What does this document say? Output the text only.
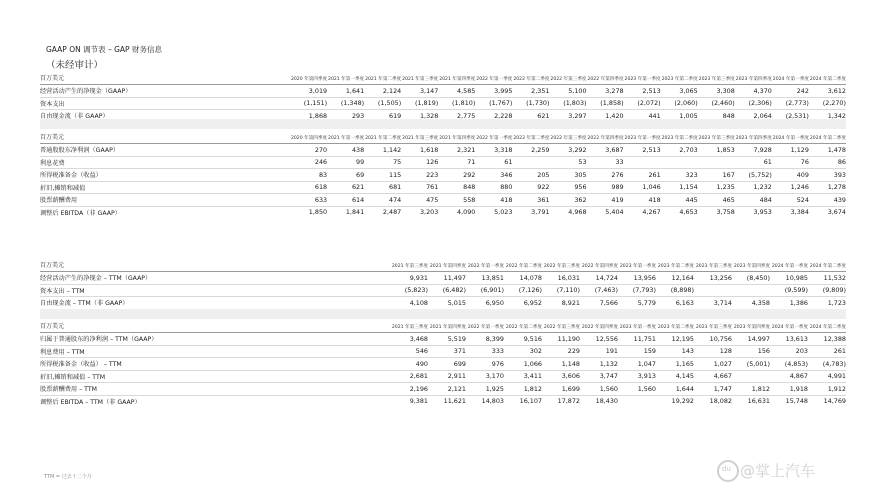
GAAP ON 调节表 – GAP 财务信息
（未经审计）
百万美元	2020 年第四季度	2021 年第一季度	2021 年第二季度	2021 年第三季度	2021 年第四季度	2022 年第一季度	2022 年第二季度	2022 年第三季度	2022 年第四季度	2023 年第一季度	2023 年第二季度	2023 年第三季度	2023 年第四季度	2024 年第一季度	2024 年第二季度
经营活动产生的净现金（GAAP）	3,019	1,641	2,124	3,147	4,585	3,995	2,351	5,100	3,278	2,513	3,065	3,308	4,370	242	3,612
资本支出	(1,151)	(1,348)	(1,505)	(1,819)	(1,810)	(1,767)	(1,730)	(1,803)	(1,858)	(2,072)	(2,060)	(2,460)	(2,306)	(2,773)	(2,270)
自由现金流（非 GAAP）	1,868	293	619	1,328	2,775	2,228	621	3,297	1,420	441	1,005	848	2,064	(2,531)	1,342
百万美元	2020 年第四季度	2021 年第一季度	2021 年第二季度	2021 年第三季度	2021 年第四季度	2022 年第一季度	2022 年第二季度	2022 年第三季度	2022 年第四季度	2023 年第一季度	2023 年第二季度	2023 年第三季度	2023 年第四季度	2024 年第一季度	2024 年第二季度
普通股股东净利润（GAAP）	270	438	1,142	1,618	2,321	3,318	2,259	3,292	3,687	2,513	2,703	1,853	7,928	1,129	1,478
利息花费	246	99	75	126	71	61		53	33				61	76	86
所得税准备金（收益）	83	69	115	223	292	346	205	305	276	261	323	167	(5,752)	409	393
折旧,摊销和减值	618	621	681	761	848	880	922	956	989	1,046	1,154	1,235	1,232	1,246	1,278
股票薪酬费用	633	614	474	475	558	418	361	362	419	418	445	465	484	524	439
调整后 EBITDA（非 GAAP）	1,850	1,841	2,487	3,203	4,090	5,023	3,791	4,968	5,404	4,267	4,653	3,758	3,953	3,384	3,674
百万美元	2021 年第三季度	2021 年第四季度	2022 年第一季度	2022 年第二季度	2022 年第三季度	2022 年第四季度	2023 年第一季度	2023 年第二季度	2023 年第三季度	2023 年第四季度	2024 年第一季度	2024 年第二季度
经营活动产生的净现金 – TTM（GAAP）	9,931	11,497	13,851	14,078	16,031	14,724	13,956	12,164	13,256	(8,450)	10,985	11,532
资本支出 – TTM	(5,823)	(6,482)	(6,901)	(7,126)	(7,110)	(7,463)	(7,793)	(8,898)			(9,599)	(9,809)
自由现金流 – TTM（非 GAAP）	4,108	5,015	6,950	6,952	8,921	7,566	5,779	6,163	3,714	4,358	1,386	1,723
百万美元	2021 年第三季度	2021 年第四季度	2022 年第一季度	2022 年第二季度	2022 年第三季度	2022 年第四季度	2023 年第一季度	2023 年第二季度	2023 年第三季度	2023 年第四季度	2024 年第一季度	2024 年第二季度
归属于普通股东的净利润 – TTM（GAAP）	3,468	5,519	8,399	9,516	11,190	12,556	11,751	12,195	10,756	14,997	13,613	12,388
利息费用 – TTM	546	371	333	302	229	191	159	143	128	156	203	261
所得税准备金（收益） – TTM	490	699	976	1,066	1,148	1,132	1,047	1,165	1,027	(5,001)	(4,853)	(4,783)
折旧,摊销和减值 – TTM	2,681	2,911	3,170	3,411	3,606	3,747	3,913	4,145	4,667		4,867	4,991
股票薪酬费用 – TTM	2,196	2,121	1,925	1,812	1,699	1,560	1,560	1,644	1,747	1,812	1,918	1,912
调整后 EBITDA – TTM（非 GAAP）	9,381	11,621	14,803	16,107	17,872	18,430		19,292	18,082	16,631	15,748	14,769
TTM = 过去十二个月
du @掌上汽车
